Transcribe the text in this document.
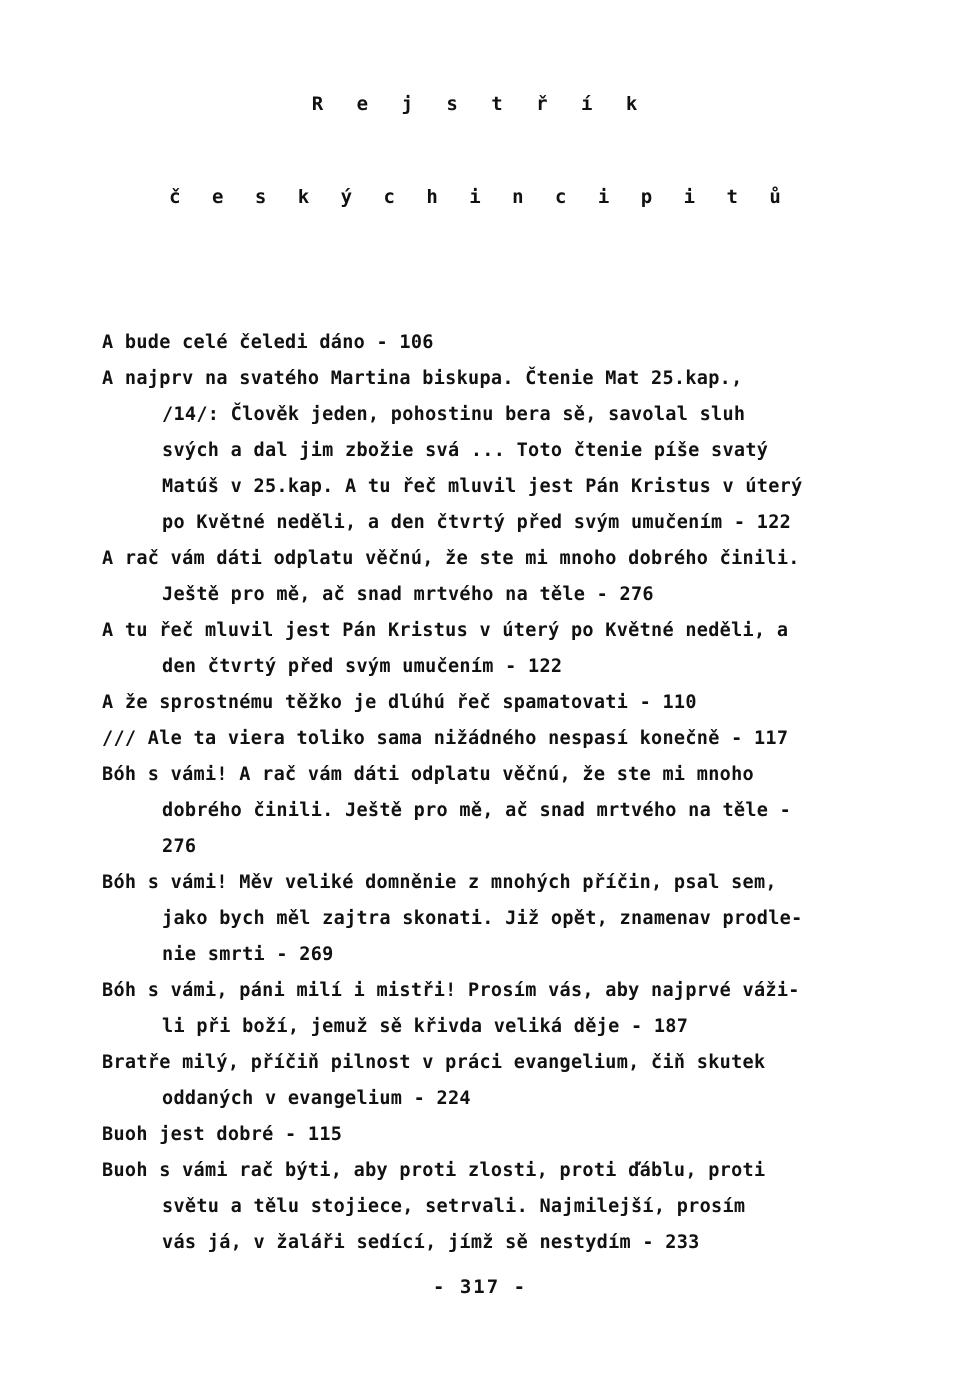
R e j s t ř í k
č e s k ý c h i n c i p i t ů
A bude celé čeledi dáno - 106
A najprv na svatého Martina biskupa. Čtenie Mat 25.kap.,
/14/: Člověk jeden, pohostinu bera sě, savolal sluh
svých a dal jim zbožie svá ... Toto čtenie píše svatý
Matúš v 25.kap. A tu řeč mluvil jest Pán Kristus v úterý
po Květné neděli, a den čtvrtý před svým umučením - 122
A rač vám dáti odplatu věčnú, že ste mi mnoho dobrého činili.
Ještě pro mě, ač snad mrtvého na těle - 276
A tu řeč mluvil jest Pán Kristus v úterý po Květné neděli, a
den čtvrtý před svým umučením - 122
A že sprostnému těžko je dlúhú řeč spamatovati - 110
/// Ale ta viera toliko sama nižádného nespasí konečně - 117
Bóh s vámi! A rač vám dáti odplatu věčnú, že ste mi mnoho
dobrého činili. Ještě pro mě, ač snad mrtvého na těle -
276
Bóh s vámi! Měv veliké domněnie z mnohých příčin, psal sem,
jako bych měl zajtra skonati. Již opět, znamenav prodle-
nie smrti - 269
Bóh s vámi, páni milí i mistři! Prosím vás, aby najprvé váži-
li při boží, jemuž sě křivda veliká děje - 187
Bratře milý, příčiň pilnost v práci evangelium, čiň skutek
oddaných v evangelium - 224
Buoh jest dobré - 115
Buoh s vámi rač býti, aby proti zlosti, proti ďáblu, proti
světu a tělu stojiece, setrvali. Najmilejší, prosím
vás já, v žaláři sedící, jímž sě nestydím - 233
- 317 -
